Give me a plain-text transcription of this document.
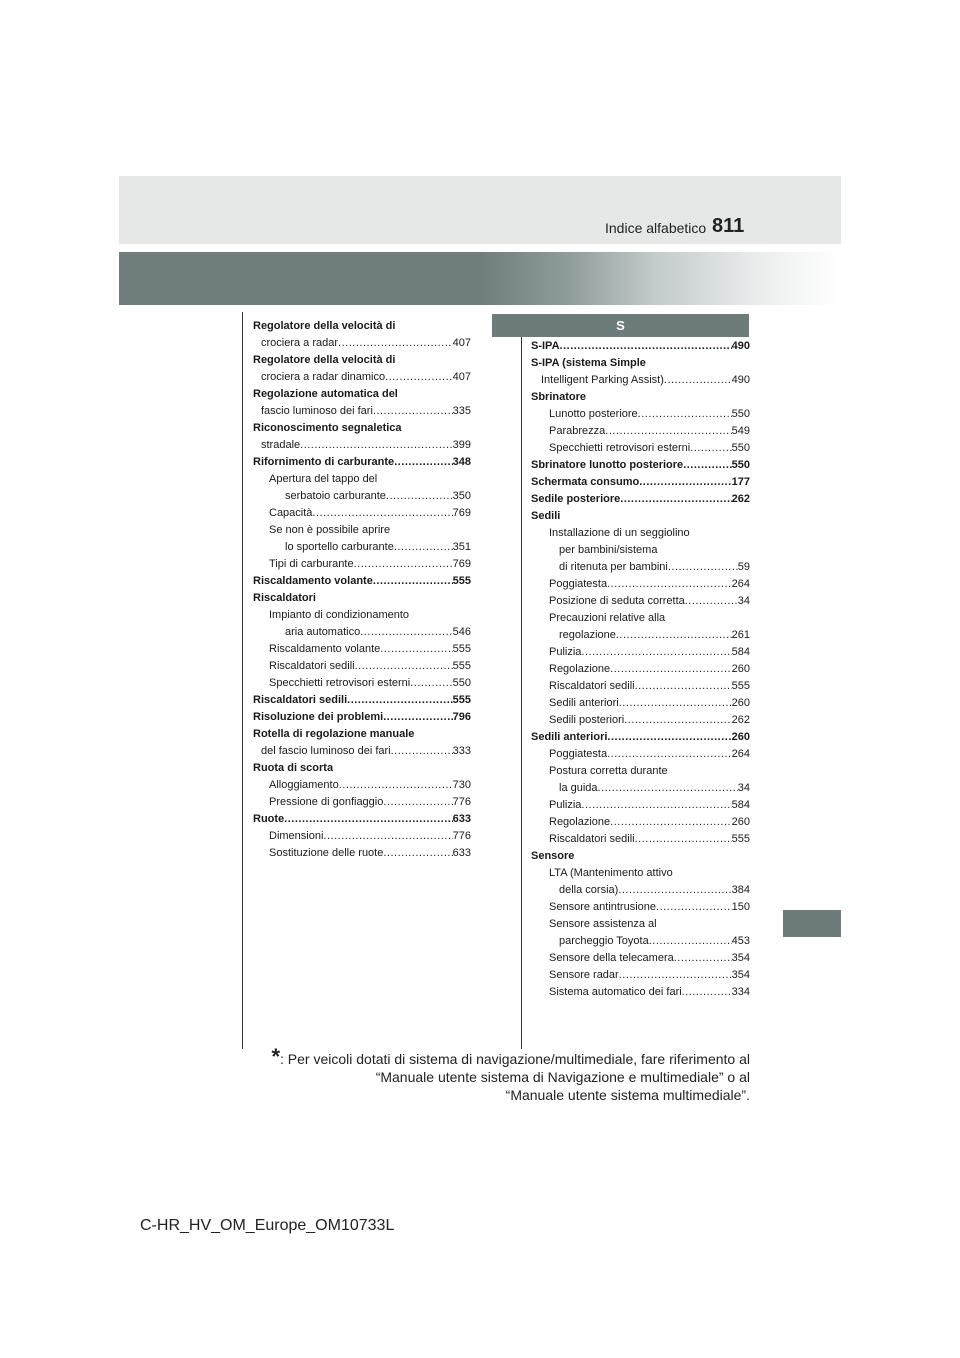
Indice alfabetico 811
S
Regolatore della velocità di
crociera a radar .....	407
Regolatore della velocità di
crociera a radar dinamico .....	407
Regolazione automatica del
fascio luminoso dei fari .....	335
Riconoscimento segnaletica
stradale .....	399
Rifornimento di carburante .....	348
Apertura del tappo del
serbatoio carburante .....	350
Capacità .....	769
Se non è possibile aprire
lo sportello carburante .....	351
Tipi di carburante .....	769
Riscaldamento volante .....	555
Riscaldatori
Impianto di condizionamento
aria automatico .....	546
Riscaldamento volante .....	555
Riscaldatori sedili .....	555
Specchietti retrovisori esterni .....	550
Riscaldatori sedili .....	555
Risoluzione dei problemi .....	796
Rotella di regolazione manuale
del fascio luminoso dei fari .....	333
Ruota di scorta
Alloggiamento .....	730
Pressione di gonfiaggio .....	776
Ruote .....	633
Dimensioni .....	776
Sostituzione delle ruote .....	633
S-IPA .....	490
S-IPA (sistema Simple
Intelligent Parking Assist) .....	490
Sbrinatore
Lunotto posteriore .....	550
Parabrezza .....	549
Specchietti retrovisori esterni .....	550
Sbrinatore lunotto posteriore .....	550
Schermata consumo .....	177
Sedile posteriore .....	262
Sedili
Installazione di un seggiolino
per bambini/sistema
di ritenuta per bambini .....	59
Poggiatesta .....	264
Posizione di seduta corretta .....	34
Precauzioni relative alla
regolazione .....	261
Pulizia .....	584
Regolazione .....	260
Riscaldatori sedili .....	555
Sedili anteriori .....	260
Sedili posteriori .....	262
Sedili anteriori .....	260
Poggiatesta .....	264
Postura corretta durante
la guida .....	34
Pulizia .....	584
Regolazione .....	260
Riscaldatori sedili .....	555
Sensore
LTA (Mantenimento attivo
della corsia) .....	384
Sensore antintrusione .....	150
Sensore assistenza al
parcheggio Toyota .....	453
Sensore della telecamera .....	354
Sensore radar .....	354
Sistema automatico dei fari .....	334
*: Per veicoli dotati di sistema di navigazione/multimediale, fare riferimento al
“Manuale utente sistema di Navigazione e multimediale” o al
“Manuale utente sistema multimediale”.
C-HR_HV_OM_Europe_OM10733L
